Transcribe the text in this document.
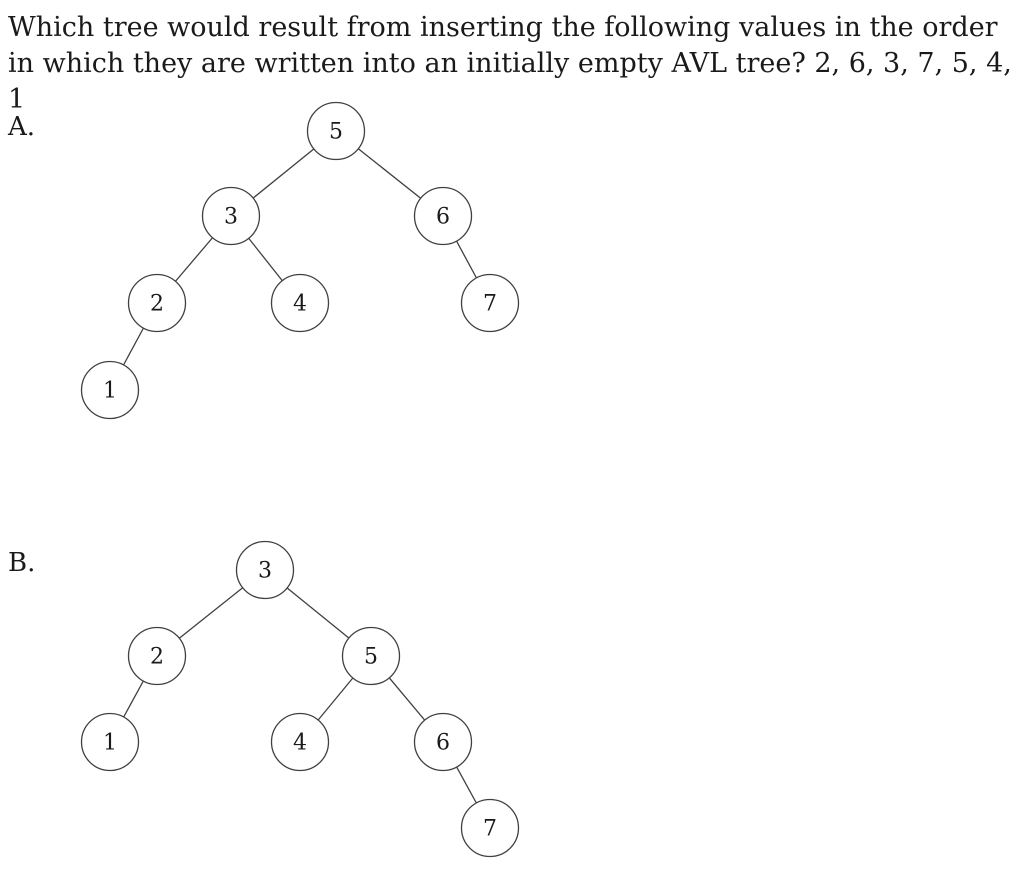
Which tree would result from inserting the following values in the order in which they are written into an initially empty AVL tree? 2, 6, 3, 7, 5, 4, 1

A.	5
3	6
2	4	7
1
B.	3
2	5
1	4	6
7
